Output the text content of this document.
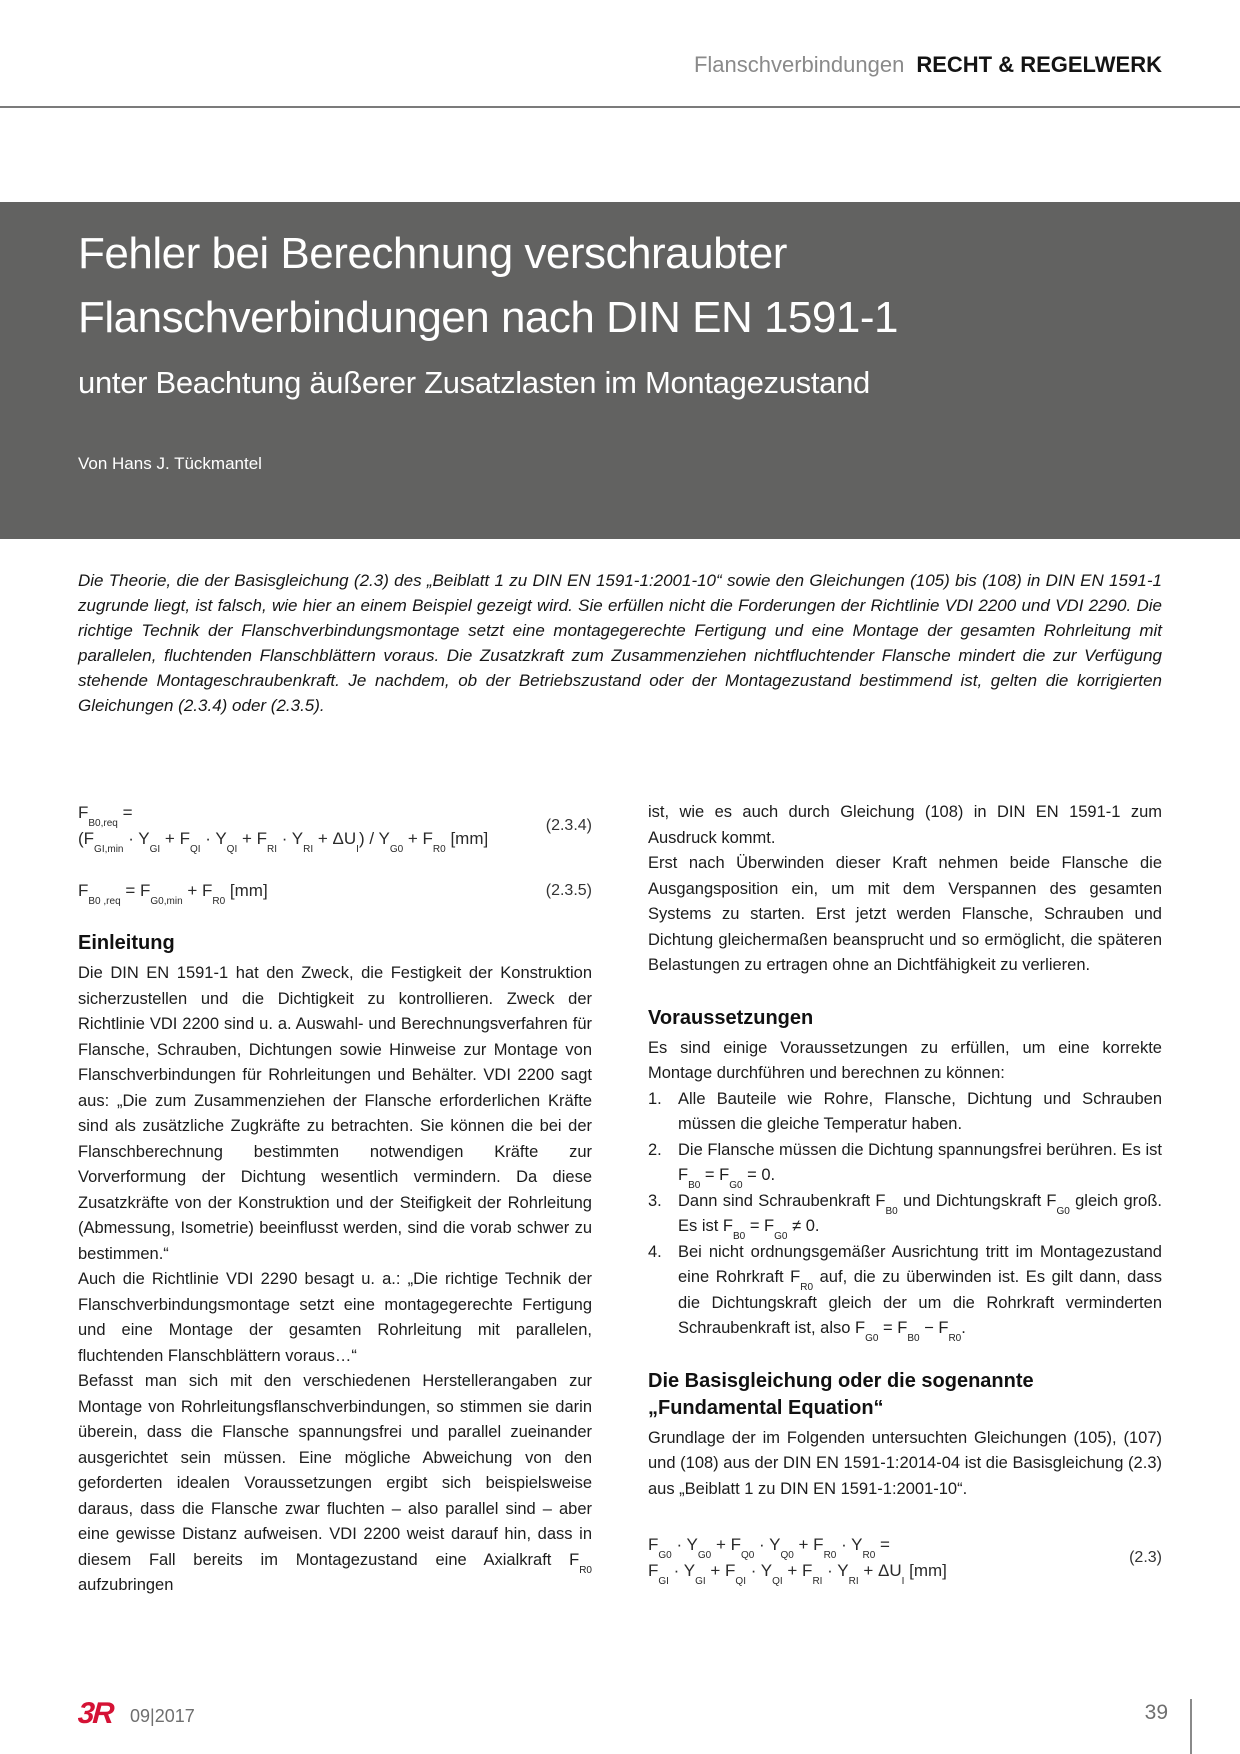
Flanschverbindungen RECHT & REGELWERK
Fehler bei Berechnung verschraubter
Flanschverbindungen nach DIN EN 1591-1
unter Beachtung äußerer Zusatzlasten im Montagezustand
Von Hans J. Tückmantel
Die Theorie, die der Basisgleichung (2.3) des „Beiblatt 1 zu DIN EN 1591-1:2001-10“ sowie den Gleichungen (105) bis (108) in DIN EN 1591-1 zugrunde liegt, ist falsch, wie hier an einem Beispiel gezeigt wird. Sie erfüllen nicht die Forderungen der Richtlinie VDI 2200 und VDI 2290. Die richtige Technik der Flanschverbindungsmontage setzt eine montagegerechte Fertigung und eine Montage der gesamten Rohrleitung mit parallelen, fluchtenden Flanschblättern voraus. Die Zusatzkraft zum Zusammenziehen nichtfluchtender Flansche mindert die zur Verfügung stehende Montageschraubenkraft. Je nachdem, ob der Betriebszustand oder der Montagezustand bestimmend ist, gelten die korrigierten Gleichungen (2.3.4) oder (2.3.5).
$F_{B0,req}$ =
$(F_{GI,min} \cdot Y_{GI} + F_{QI} \cdot Y_{QI} + F_{RI} \cdot Y_{RI} + \Delta U_I) / Y_{G0} + F_{R0}$ [mm]
(2.3.4)
$F_{B0 ,req} = F_{G0,min} + F_{R0}$ [mm]	(2.3.5)
Einleitung

Die DIN EN 1591-1 hat den Zweck, die Festigkeit der Konstruktion sicherzustellen und die Dichtigkeit zu kontrollieren. Zweck der Richtlinie VDI 2200 sind u. a. Auswahl- und Berechnungsverfahren für Flansche, Schrauben, Dichtungen sowie Hinweise zur Montage von Flanschverbindungen für Rohrleitungen und Behälter. VDI 2200 sagt aus: „Die zum Zusammenziehen der Flansche erforderlichen Kräfte sind als zusätzliche Zugkräfte zu betrachten. Sie können die bei der Flanschberechnung bestimmten notwendigen Kräfte zur Vorverformung der Dichtung wesentlich vermindern. Da diese Zusatzkräfte von der Konstruktion und der Steifigkeit der Rohrleitung (Abmessung, Isometrie) beeinflusst werden, sind die vorab schwer zu bestimmen.“

Auch die Richtlinie VDI 2290 besagt u. a.: „Die richtige Technik der Flanschverbindungsmontage setzt eine montagegerechte Fertigung und eine Montage der gesamten Rohrleitung mit parallelen, fluchtenden Flanschblättern voraus…“

Befasst man sich mit den verschiedenen Herstellerangaben zur Montage von Rohrleitungsflanschverbindungen, so stimmen sie darin überein, dass die Flansche spannungsfrei und parallel zueinander ausgerichtet sein müssen. Eine mögliche Abweichung von den geforderten idealen Voraussetzungen ergibt sich beispielsweise daraus, dass die Flansche zwar fluchten – also parallel sind – aber eine gewisse Distanz aufweisen. VDI 2200 weist darauf hin, dass in diesem Fall bereits im Montagezustand eine Axialkraft $F_{R0}$ aufzubringen

ist, wie es auch durch Gleichung (108) in DIN EN 1591-1 zum Ausdruck kommt.

Erst nach Überwinden dieser Kraft nehmen beide Flansche die Ausgangsposition ein, um mit dem Verspannen des gesamten Systems zu starten. Erst jetzt werden Flansche, Schrauben und Dichtung gleichermaßen beansprucht und so ermöglicht, die späteren Belastungen zu ertragen ohne an Dichtfähigkeit zu verlieren.

Voraussetzungen

Es sind einige Voraussetzungen zu erfüllen, um eine korrekte Montage durchführen und berechnen zu können:

1. Alle Bauteile wie Rohre, Flansche, Dichtung und Schrauben müssen die gleiche Temperatur haben.
2. Die Flansche müssen die Dichtung spannungsfrei berühren. Es ist $F_{B0} = F_{G0} = 0$.
3. Dann sind Schraubenkraft $F_{B0}$ und Dichtungskraft $F_{G0}$ gleich groß. Es ist $F_{B0} = F_{G0} \ne 0$.
4. Bei nicht ordnungsgemäßer Ausrichtung tritt im Montagezustand eine Rohrkraft $F_{R0}$ auf, die zu überwinden ist. Es gilt dann, dass die Dichtungskraft gleich der um die Rohrkraft verminderten Schraubenkraft ist, also $F_{G0} = F_{B0} - F_{R0}$.
Die Basisgleichung oder die sogenannte
„Fundamental Equation“

Grundlage der im Folgenden untersuchten Gleichungen (105), (107) und (108) aus der DIN EN 1591-1:2014-04 ist die Basisgleichung (2.3) aus „Beiblatt 1 zu DIN EN 1591-1:2001-10“.

$F_{G0} \cdot Y_{G0} + F_{Q0} \cdot Y_{Q0} + F_{R0} \cdot Y_{R0}$ =
$F_{GI} \cdot Y_{GI} + F_{QI} \cdot Y_{QI} + F_{RI} \cdot Y_{RI} + \Delta U_I$ [mm]
(2.3)
3R 09|2017	39
